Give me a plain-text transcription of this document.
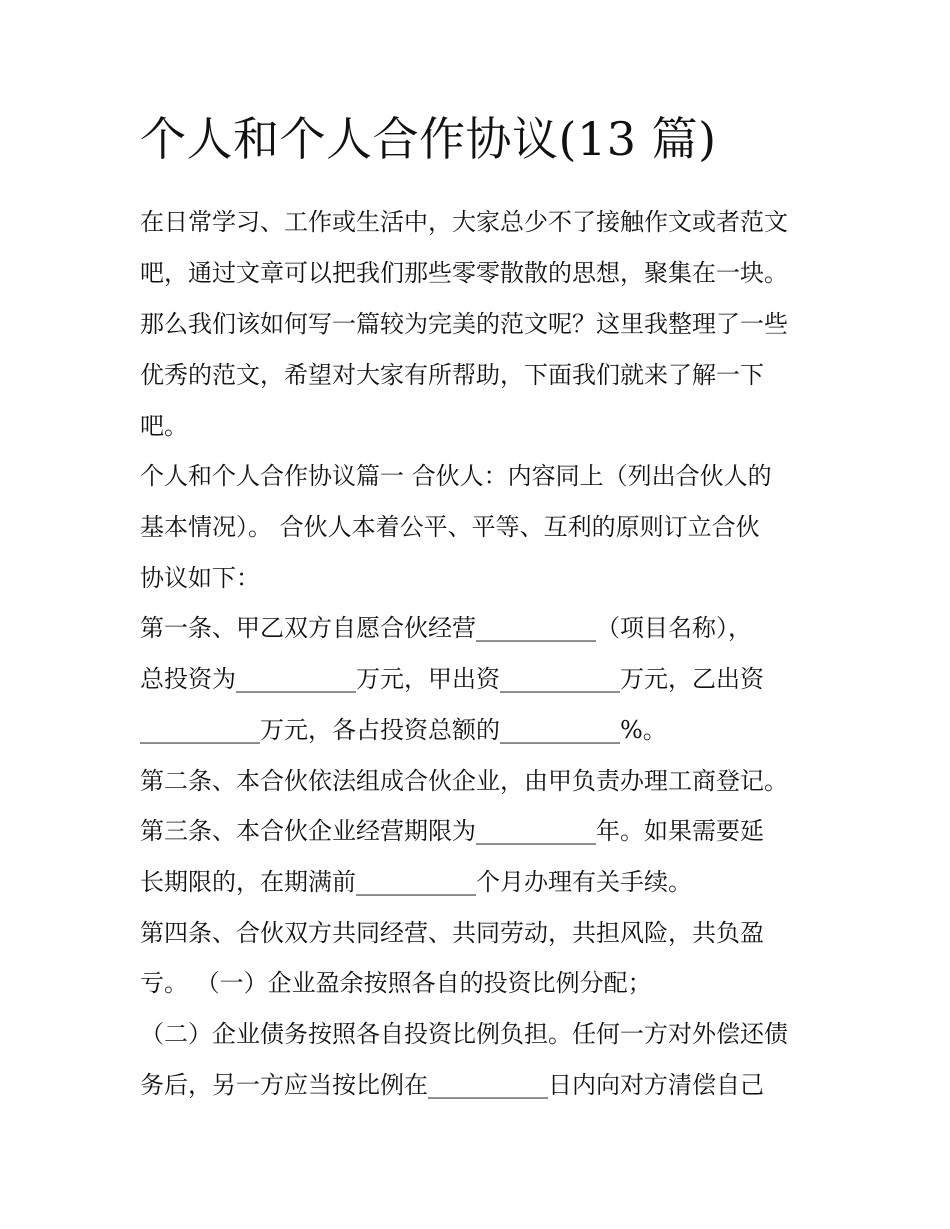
个人和个人合作协议(13 篇)
在日常学习、工作或生活中，大家总少不了接触作文或者范文
吧，通过文章可以把我们那些零零散散的思想，聚集在一块。
那么我们该如何写一篇较为完美的范文呢？这里我整理了一些
优秀的范文，希望对大家有所帮助，下面我们就来了解一下
吧。
个人和个人合作协议篇一 合伙人：内容同上（列出合伙人的
基本情况）。 合伙人本着公平、平等、互利的原则订立合伙
协议如下：
第一条、甲乙双方自愿合伙经营__________（项目名称），
总投资为__________万元，甲出资__________万元，乙出资
__________万元，各占投资总额的__________%。
第二条、本合伙依法组成合伙企业，由甲负责办理工商登记。
第三条、本合伙企业经营期限为__________年。如果需要延
长期限的，在期满前__________个月办理有关手续。
第四条、合伙双方共同经营、共同劳动，共担风险，共负盈
亏。 （一）企业盈余按照各自的投资比例分配；
（二）企业债务按照各自投资比例负担。任何一方对外偿还债
务后，另一方应当按比例在__________日内向对方清偿自己
